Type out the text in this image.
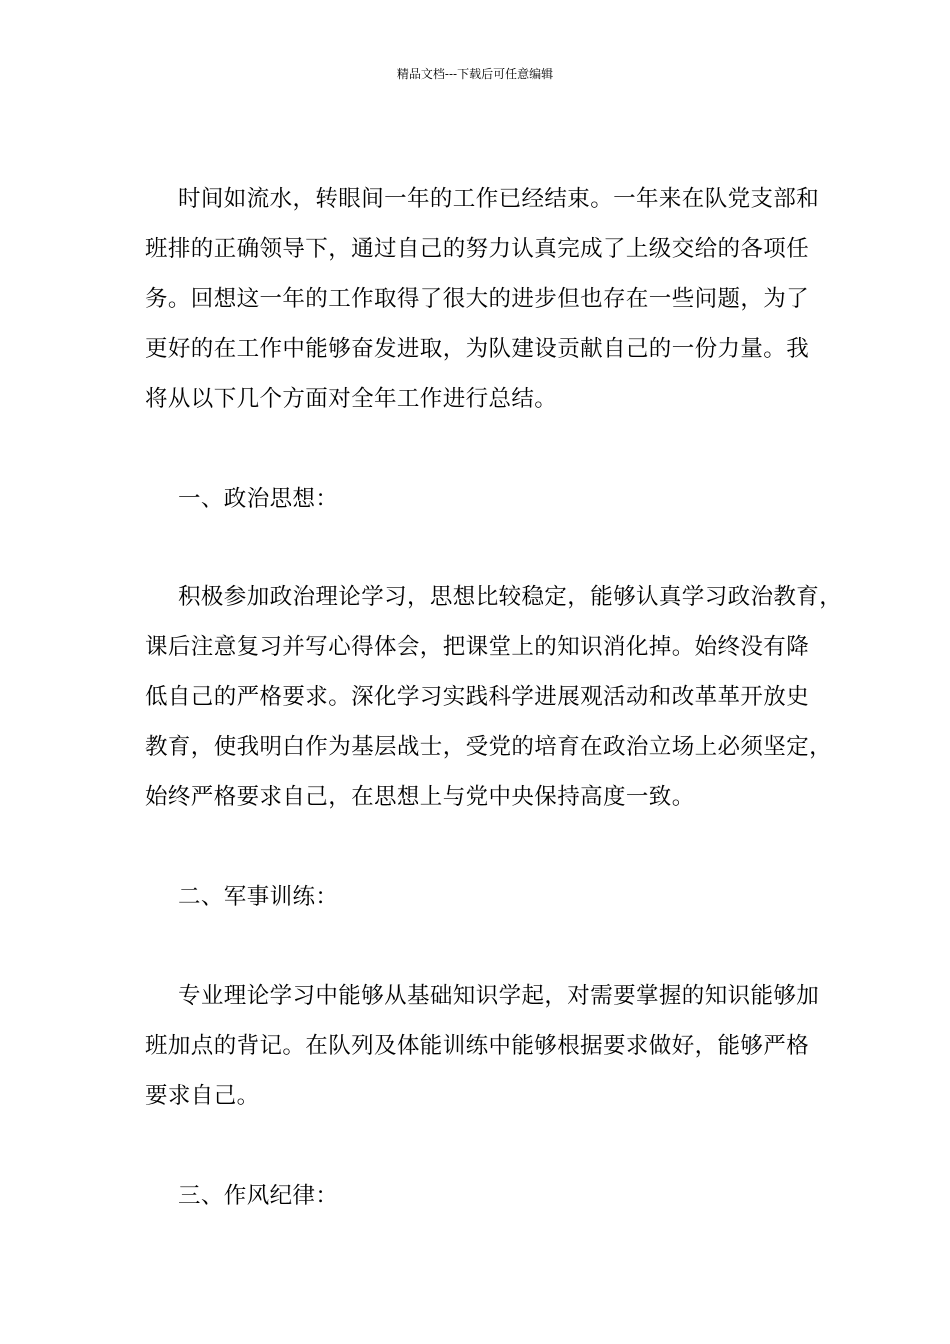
精品文档---下载后可任意编辑

时间如流水，转眼间一年的工作已经结束。一年来在队党支部和
班排的正确领导下，通过自己的努力认真完成了上级交给的各项任
务。回想这一年的工作取得了很大的进步但也存在一些问题，为了
更好的在工作中能够奋发进取，为队建设贡献自己的一份力量。我
将从以下几个方面对全年工作进行总结。

一、政治思想：

积极参加政治理论学习，思想比较稳定，能够认真学习政治教育，
课后注意复习并写心得体会，把课堂上的知识消化掉。始终没有降
低自己的严格要求。深化学习实践科学进展观活动和改革革开放史
教育，使我明白作为基层战士，受党的培育在政治立场上必须坚定，
始终严格要求自己，在思想上与党中央保持高度一致。

二、军事训练：

专业理论学习中能够从基础知识学起，对需要掌握的知识能够加
班加点的背记。在队列及体能训练中能够根据要求做好，能够严格
要求自己。

三、作风纪律：
